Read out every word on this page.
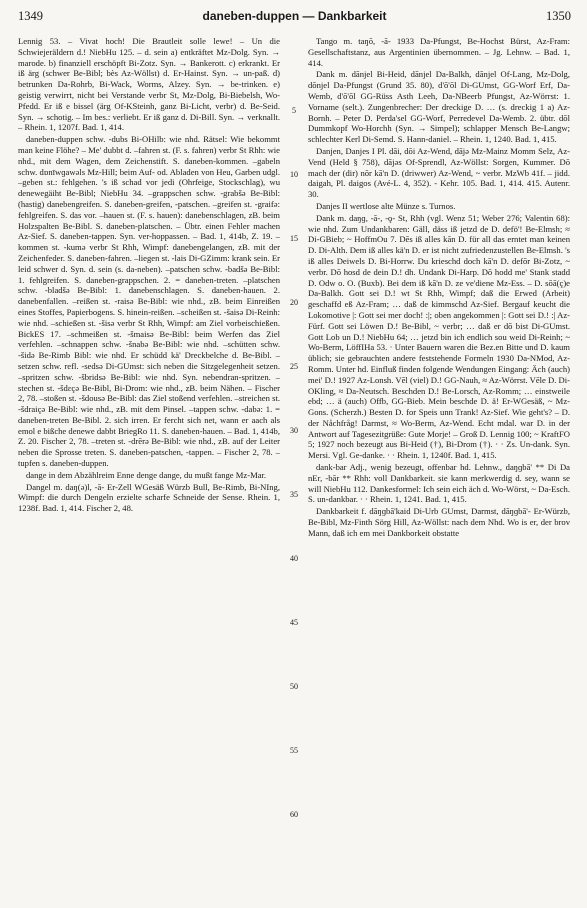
1349	daneben-duppen — Dankbarkeit	1350

Lennig 53. – Vivat hoch! Die Brautleit solle lewe! – Un die Schwiejeräldern d.! NiebHu 125. – d. sein a) entkräftet Mz-Dolg. Syn. → marode. b) finanziell erschöpft Bi-Zotz. Syn. → Bankerott. c) erkrankt. Er iß ärg (schwer Be-Bibl; bès Az-Wöllst) d. Er-Hainst. Syn. → un-paß. d) betrunken Da-Rohrb, Bi-Wack, Worms, Alzey. Syn. → be-trinken. e) geistig verwirrt, nicht bei Verstande verbr St, Mz-Dolg, Bi-Biebelsh, Wo-Pfedd. Er iß e bissel (ärg Of-KSteinh, ganz Bi-Licht, verbr) d. Be-Seid. Syn. → schotig. – Im bes.: verliebt. Er iß ganz d. Di-Bill. Syn. → verknallt. – Rhein. 1, 1207f. Bad. 1, 414.

daneben-duppen schw. -dubs Bi-OHilb: wie nhd. Rätsel: Wie bekommt man keine Flöhe? – Me' dubbt d. –fahren st. (F. s. fahren) verbr St Rhh: wie nhd., mit dem Wagen, dem Zeichenstift. S. daneben-kommen. –gabeln schw. dɒnīwɡawəls Mz-Hill; beim Auf- od. Abladen von Heu, Garben udgl. –geben st.: fehlgehen. 's iß schad vor jedi (Ohrfeige, Stockschlag), wu denewegäiht Be-Bibl; NiebHu 34. –grappschen schw. -grabšə Be-Bibl: (hastig) danebengreifen. S. daneben-greifen, -patschen. –greifen st. -graifə: fehlgreifen. S. das vor. –hauen st. (F. s. hauen): danebenschlagen, zB. beim Holzspalten Be-Bibl. S. daneben-platschen. – Übtr. einen Fehler machen Az-Sief. S. daneben-tappen. Syn. ver-hoppassen. – Bad. 1, 414b, Z. 19. –kommen st. -kumə verbr St Rhh, Wimpf: danebengelangen, zB. mit der Zeichenfeder. S. daneben-fahren. –liegen st. -lais Di-GZimm: krank sein. Er leid schwer d. Syn. d. sein (s. da-neben). –patschen schw. -badšə Be-Bibl: 1. fehlgreifen. S. daneben-grappschen. 2. = daneben-treten. –platschen schw. -bladšə Be-Bibl: 1. danebenschlagen. S. daneben-hauen. 2. danebenfallen. –reißen st. -raisə Be-Bibl: wie nhd., zB. beim Einreißen eines Stoffes, Papierbogens. S. hinein-reißen. –scheißen st. -šaisə Di-Reinh: wie nhd. –schießen st. -šisə verbr St Rhh, Wimpf: am Ziel vorbeischießen. BickES 17. –schmeißen st. -šmaisə Be-Bibl: beim Werfen das Ziel verfehlen. –schnappen schw. -šnabə Be-Bibl: wie nhd. –schütten schw. -šidə Be-Rimb Bibl: wie nhd. Er schüdd kä' Dreckbelche d. Be-Bibl. –setzen schw. refl. -sedsə Di-GUmst: sich neben die Sitzgelegenheit setzen. –spritzen schw. -šbridsə Be-Bibl: wie nhd. Syn. nebendran-spritzen. –stechen st. -šdɛçə Be-Bibl, Bi-Drom: wie nhd., zB. beim Nähen. – Fischer 2, 78. –stoßen st. -šdousə Be-Bibl: das Ziel stoßend verfehlen. –streichen st. -šdraiçə Be-Bibl: wie nhd., zB. mit dem Pinsel. –tappen schw. -dabə: 1. = daneben-treten Be-Bibl. 2. sich irren. Er fercht sich net, wann er aach als emol e bißche denewe dabbt BriegRo 11. S. daneben-hauen. – Bad. 1, 414b, Z. 20. Fischer 2, 78. –treten st. -drērə Be-Bibl: wie nhd., zB. auf der Leiter neben die Sprosse treten. S. daneben-patschen, -tappen. – Fischer 2, 78. –tupfen s. daneben-duppen.

dange in dem Abzählreim Enne denge dange, du mußt fange Mz-Mar.

Dangel m. daŋ(ə)l, -ā- Er-Zell WGesäß Würzb Bull, Be-Rimb, Bi-NIng, Wimpf: die durch Dengeln erzielte scharfe Schneide der Sense. Rhein. 1, 1238f. Bad. 1, 414. Fischer 2, 48.

5
10
15
20
25
30
35
40
45
50
55
60

Tango m. taŋō, -ā- 1933 Da-Pfungst, Be-Hochst Bürst, Az-Fram: Gesellschaftstanz, aus Argentinien übernommen. – Jg. Lehnw. – Bad. 1, 414.

Dank m. dānjel Bi-Heid, dānjel Da-Balkh, dānjel Of-Lang, Mz-Dolg, dōnjel Da-Pfungst (Grund 35. 80), d'ō'ōl Di-GUmst, GG-Worf Erf, Da-Wemb, d'ō'ōl GG-Rüss Asth Leeh, Da-NBeerb Pfungst, Az-Wörrst: 1. Vorname (selt.). Zungenbrecher: Der dreckige D. … (s. dreckig 1 a) Az-Bornh. – Peter D. Perda'sel GG-Worf, Perredevel Da-Wemb. 2. übtr. dōl Dummkopf Wo-Horchh (Syn. → Simpel); schlapper Mensch Be-Langw; schlechter Kerl Di-Semd. S. Hann-daniel. – Rhein. 1, 1240. Bad. 1, 415.

Danjen, Danjes I Pl. dāi, dōi Az-Wend, dājə Mz-Mainz Momm Selz, Az-Vend (Held § 758), dājəs Of-Sprendl, Az-Wöllst: Sorgen, Kummer. Dō mach der (dir) nōr kā'n D. (driwwer) Az-Wend, ~ verbr. MzWb 41f. – jidd. daigah, Pl. daigos (Avé-L. 4, 352). - Kehr. 105. Bad. 1, 414. 415. Autenr. 30.

Danjes II wertlose alte Münze s. Turnos.

Dank m. daŋɡ, -ā-, -ǫ- St, Rhh (vgl. Wenz 51; Weber 276; Valentin 68): wie nhd. Zum Undankbaren: Gäll, däss iß jetzd de D. defö'! Be-Elmsh; ≈ Di-GBieb; ~ HoffmOu 7. Dēs iß alles kān D. für all das erntet man keinen D. Di-Alth. Dem iß alles kä'n D. er ist nicht zufriedenzustellen Be-Elmsh. 's iß alles Deiwels D. Bi-Horrw. Du krieschd doch kā'n D. defōr Bi-Zotz, ~ verbr. Dō hosd de dein D.! dh. Undank Di-Harp. Dō hodd me' Stank stadd D. Odw o. O. (Buxb). Bei dem iß kā'n D. ze ve'diene Mz-Ess. – D. sōā(ç)e Da-Balkh. Gott sei D.! wt St Rhh, Wimpf; daß die Erwed (Arbeit) geschaffd eß Az-Fram; … daß de kimmschd Az-Sief. Bergauf keucht die Lokomotive |: Gott sei mer doch! :|; oben angekommen |: Gott sei D.! :| Az-Fürf. Gott sei Löwen D.! Be-Bibl, ~ verbr; … daß er dō bist Di-GUmst. Gott Lob un D.! NiebHu 64; … jetzd bin ich endlich sou weid Di-Reinh; ~ Wo-Berm, LöffIHa 53. · Unter Bauern waren die Bez.en Bitte und D. kaum üblich; sie gebrauchten andere feststehende Formeln 1930 Da-NMod, Az-Romm. Unter hd. Einfluß finden folgende Wendungen Eingang: Äch (auch) mei' D.! 1927 Az-Lonsh. Vēl (viel) D.! GG-Nauh, ≈ Az-Wörrst. Vēle D. Di-OKling, ≈ Da-Neutsch. Beschden D.! Be-Lorsch, Az-Romm; … einstweile ebd; … ä (auch) Offb, GG-Bieb. Mein beschde D. ä! Er-WGesäß, ~ Mz-Gons. (Scherzh.) Besten D. for Speis unn Trank! Az-Sief. Wie geht's? – D. der Nåchfråg! Darmst, ≈ Wo-Berm, Az-Wend. Echt mdal. war D. in der Antwort auf Tagesezitgrüße: Gute Morje! – Groß D. Lennig 100; ~ KraftFO 5; 1927 noch bezeugt aus Bi-Heid (†), Bi-Drom (†). · · Zs. Un-dank. Syn. Mersi. Vgl. Ge-danke. · · Rhein. 1, 1240f. Bad. 1, 415.

dank-bar Adj., wenig bezeugt, offenbar hd. Lehnw., daŋɡbā' ** Di Da nEr, -bār ** Rhh: voll Dankbarkeit. sie kann merkwerdig d. sey, wann se will NiebHu 112. Dankesformel: Ich sein eich äch d. Wo-Wörst, ~ Da-Esch. S. un-dankbar. · · Rhein. 1, 1241. Bad. 1, 415.

Dankbarkeit f. dāŋɡbā'kaid Di-Urb GUmst, Darmst, dāŋɡbā'- Er-Würzb, Be-Bibl, Mz-Finth Sörg Hill, Az-Wöllst: nach dem Nhd. Wo is er, der brov Mann, daß ich em mei Dankborkeit obstatte
